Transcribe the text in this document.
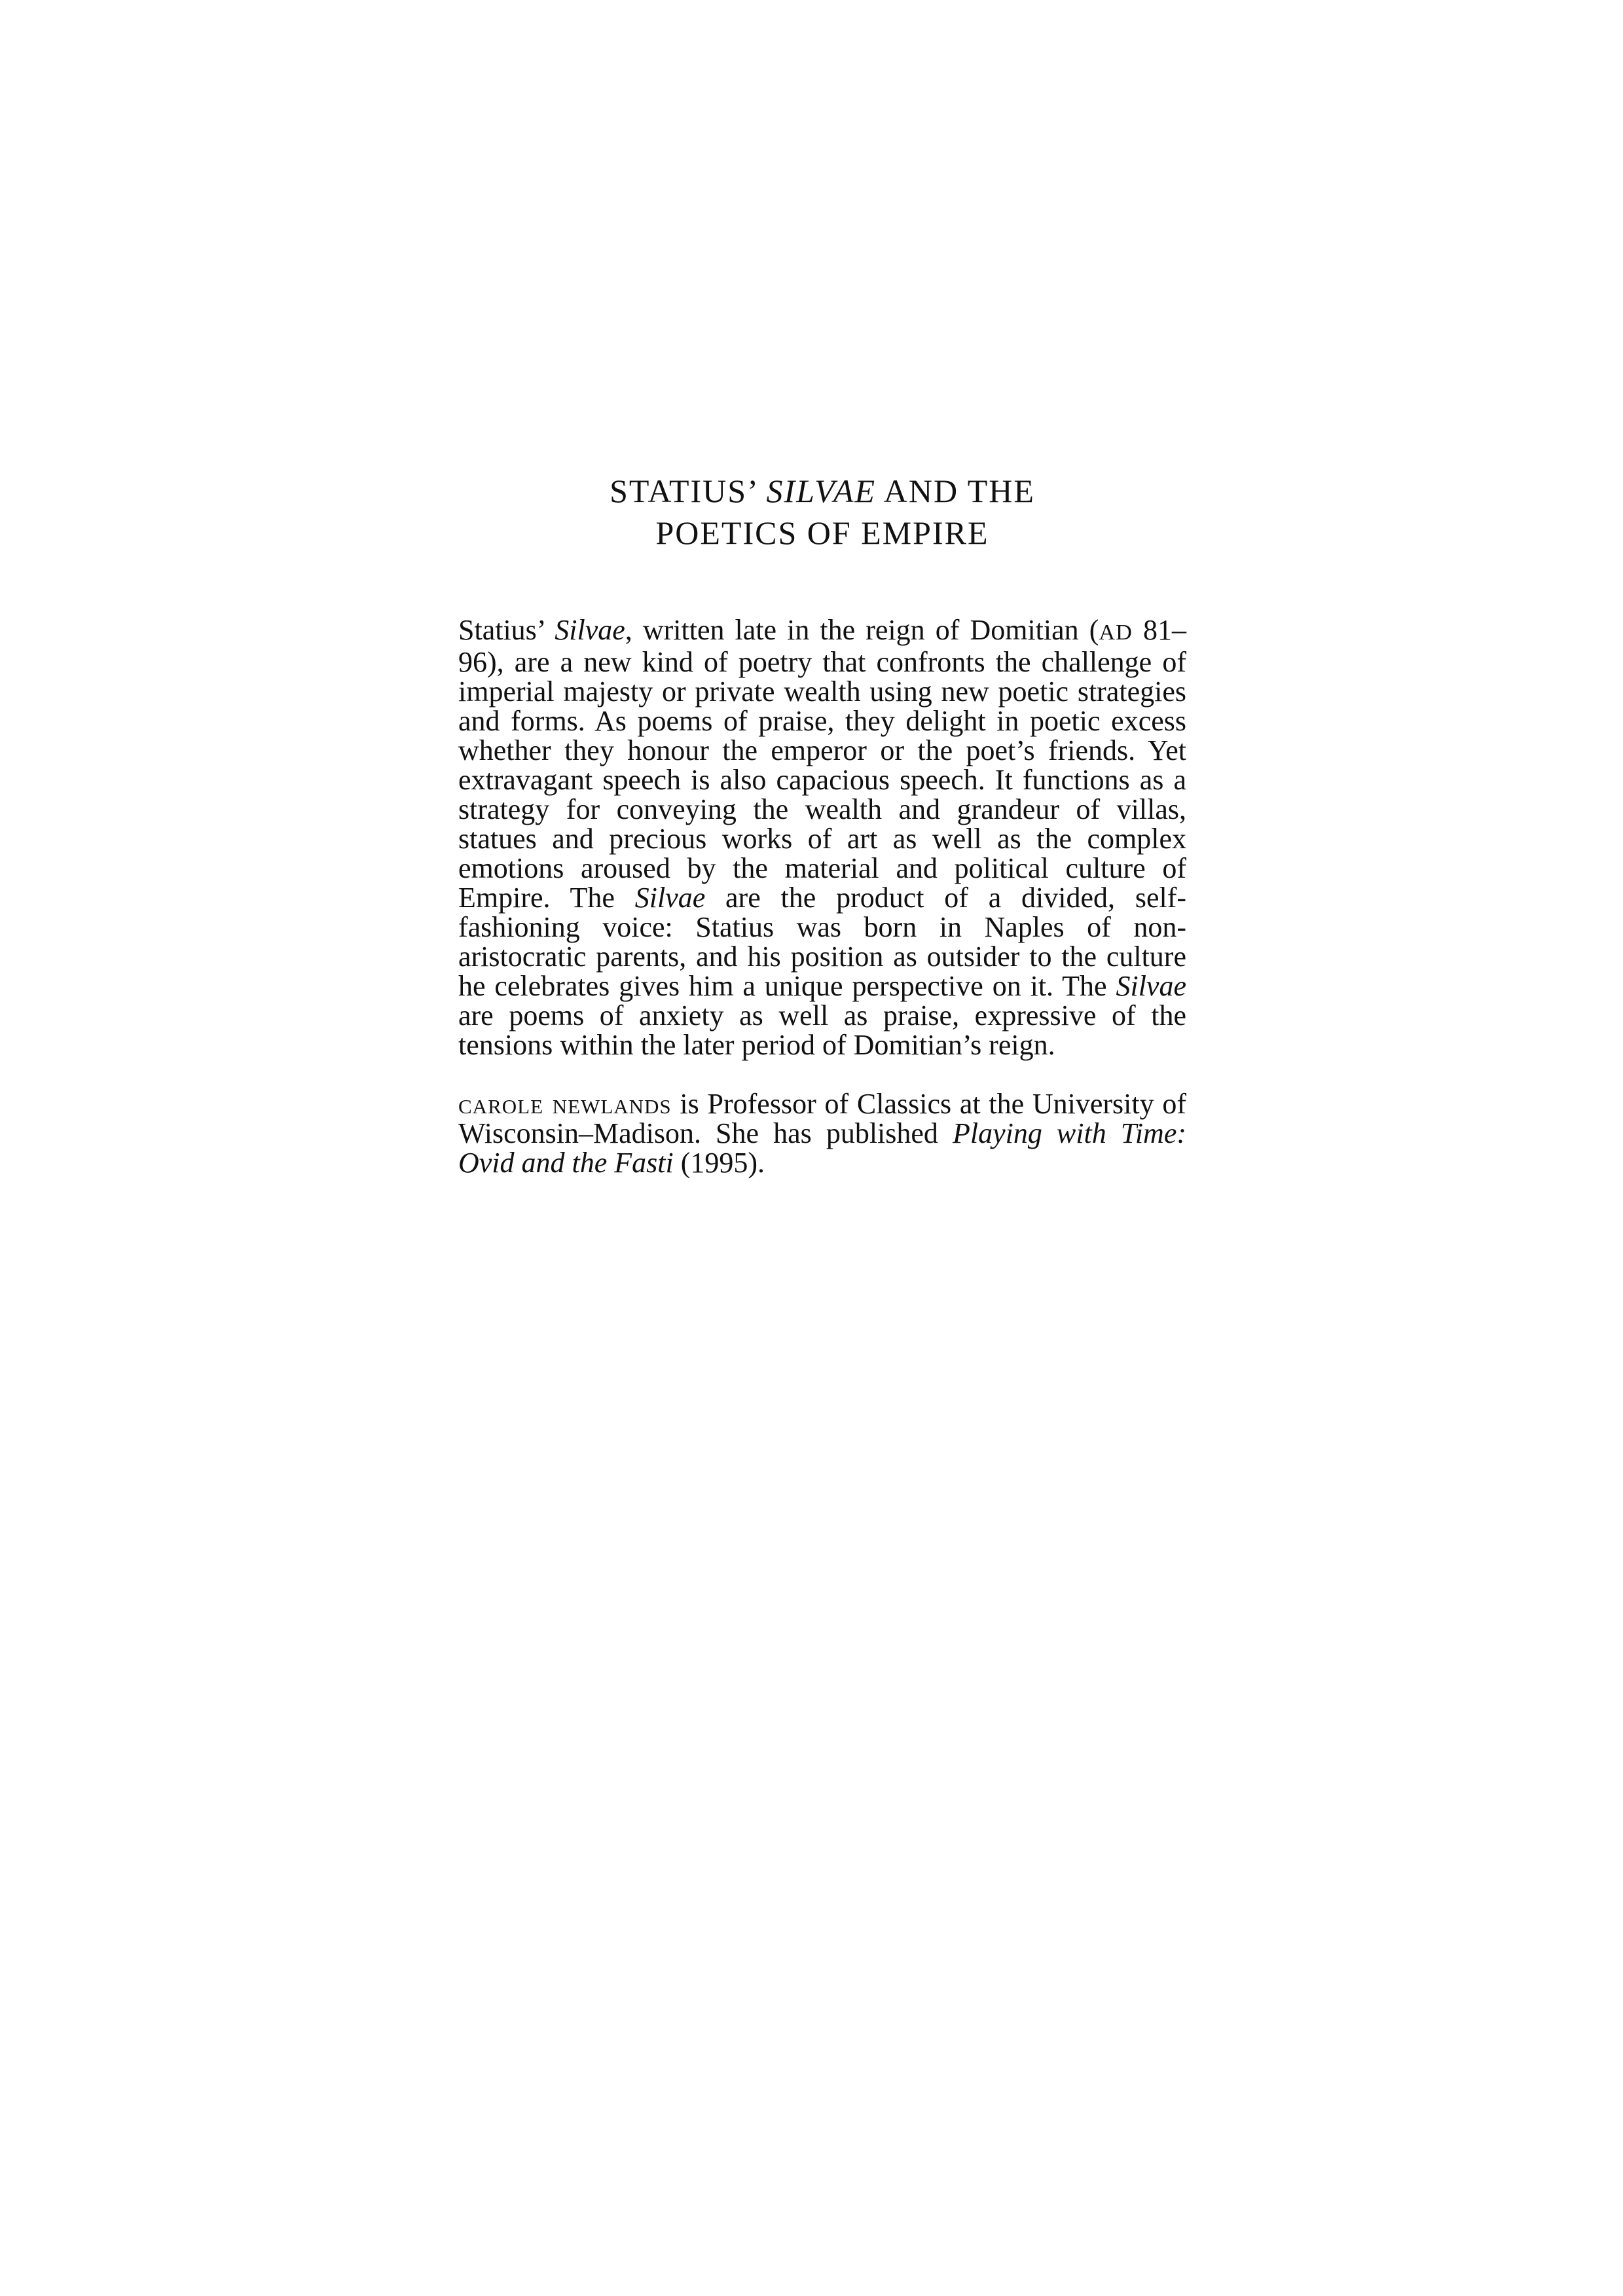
STATIUS’ SILVAE AND THE
POETICS OF EMPIRE

Statius’ Silvae, written late in the reign of Domitian (AD 81–96), are a new kind of poetry that confronts the challenge of imperial majesty or private wealth using new poetic strategies and forms. As poems of praise, they delight in poetic excess whether they honour the emperor or the poet’s friends. Yet extravagant speech is also capacious speech. It functions as a strategy for conveying the wealth and grandeur of villas, statues and precious works of art as well as the complex emotions aroused by the material and political culture of Empire. The Silvae are the product of a divided, self-fashioning voice: Statius was born in Naples of non-aristocratic parents, and his position as outsider to the culture he celebrates gives him a unique perspective on it. The Silvae are poems of anxiety as well as praise, expressive of the tensions within the later period of Domitian’s reign.

carole newlands is Professor of Classics at the University of Wisconsin–Madison. She has published Playing with Time: Ovid and the Fasti (1995).
